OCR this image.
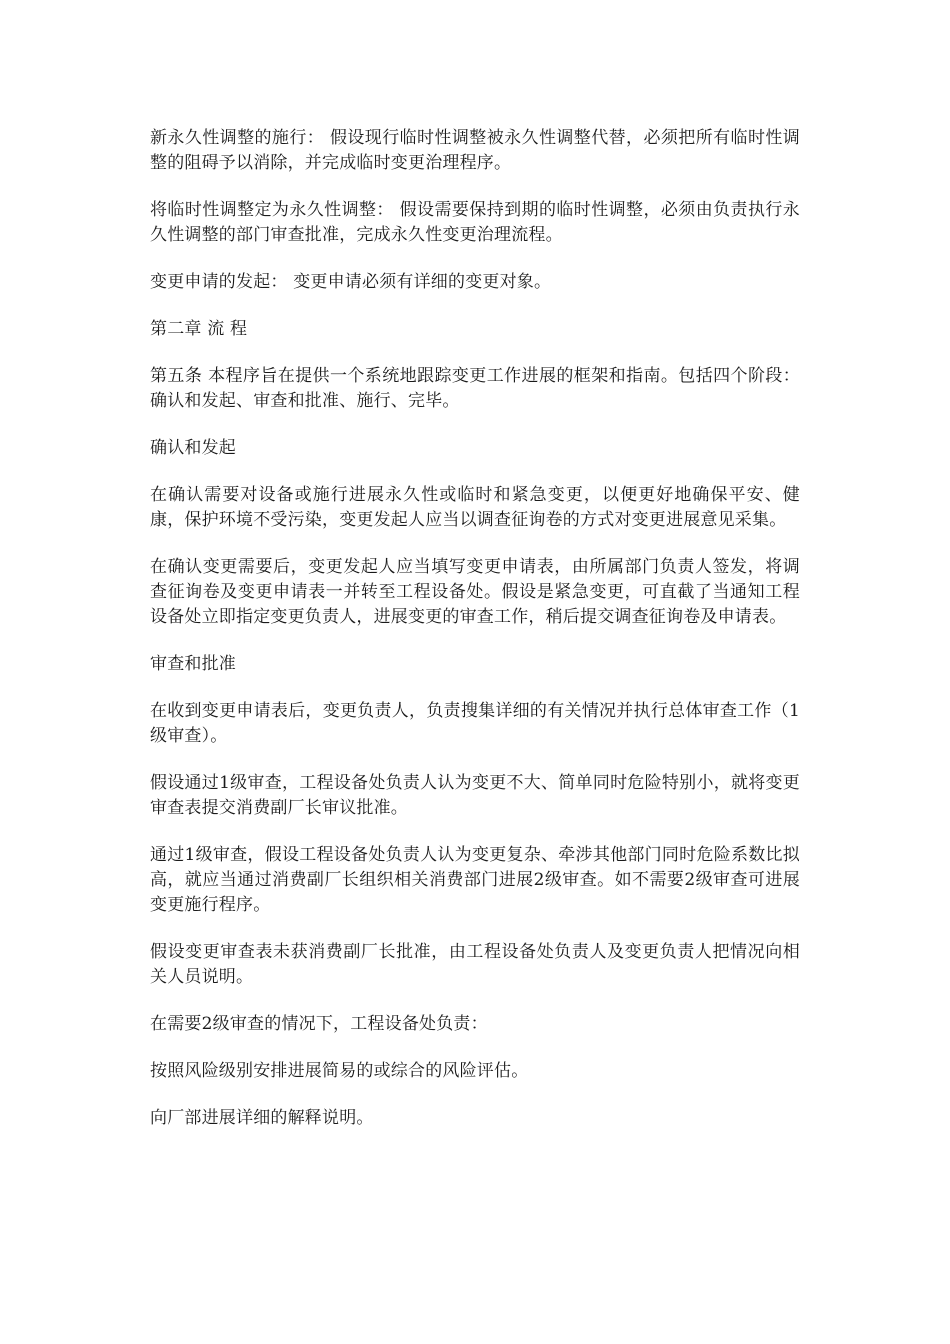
新永久性调整的施行： 假设现行临时性调整被永久性调整代替，必须把所有临时性调整的阻碍予以消除，并完成临时变更治理程序。

将临时性调整定为永久性调整： 假设需要保持到期的临时性调整，必须由负责执行永久性调整的部门审查批准，完成永久性变更治理流程。

变更申请的发起： 变更申请必须有详细的变更对象。

第二章 流 程

第五条 本程序旨在提供一个系统地跟踪变更工作进展的框架和指南。包括四个阶段：确认和发起、审查和批准、施行、完毕。

确认和发起

在确认需要对设备或施行进展永久性或临时和紧急变更，以便更好地确保平安、健康，保护环境不受污染，变更发起人应当以调查征询卷的方式对变更进展意见采集。

在确认变更需要后，变更发起人应当填写变更申请表，由所属部门负责人签发，将调查征询卷及变更申请表一并转至工程设备处。假设是紧急变更，可直截了当通知工程设备处立即指定变更负责人，进展变更的审查工作，稍后提交调查征询卷及申请表。

审查和批准

在收到变更申请表后，变更负责人，负责搜集详细的有关情况并执行总体审查工作（1级审查）。

假设通过1级审查，工程设备处负责人认为变更不大、简单同时危险特别小，就将变更审查表提交消费副厂长审议批准。

通过1级审查，假设工程设备处负责人认为变更复杂、牵涉其他部门同时危险系数比拟高，就应当通过消费副厂长组织相关消费部门进展2级审查。如不需要2级审查可进展变更施行程序。

假设变更审查表未获消费副厂长批准，由工程设备处负责人及变更负责人把情况向相关人员说明。

在需要2级审查的情况下，工程设备处负责：

按照风险级别安排进展简易的或综合的风险评估。

向厂部进展详细的解释说明。
